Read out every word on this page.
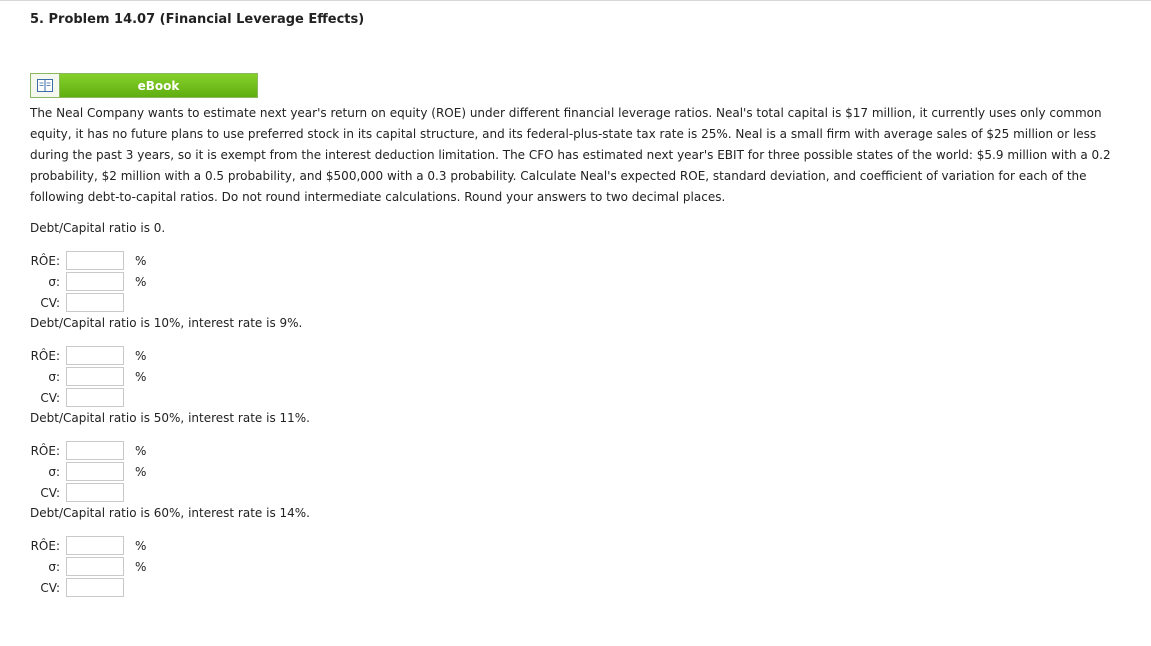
5. Problem 14.07 (Financial Leverage Effects)
eBook

The Neal Company wants to estimate next year's return on equity (ROE) under different financial leverage ratios. Neal's total capital is $17 million, it currently uses only common equity, it has no future plans to use preferred stock in its capital structure, and its federal-plus-state tax rate is 25%. Neal is a small firm with average sales of $25 million or less during the past 3 years, so it is exempt from the interest deduction limitation. The CFO has estimated next year's EBIT for three possible states of the world: $5.9 million with a 0.2 probability, $2 million with a 0.5 probability, and $500,000 with a 0.3 probability. Calculate Neal's expected ROE, standard deviation, and coefficient of variation for each of the following debt-to-capital ratios. Do not round intermediate calculations. Round your answers to two decimal places.

Debt/Capital ratio is 0.

RÔE:	%
σ:	%
CV:

Debt/Capital ratio is 10%, interest rate is 9%.

RÔE:	%
σ:	%
CV:

Debt/Capital ratio is 50%, interest rate is 11%.

RÔE:	%
σ:	%
CV:

Debt/Capital ratio is 60%, interest rate is 14%.

RÔE:	%
σ:	%
CV:
